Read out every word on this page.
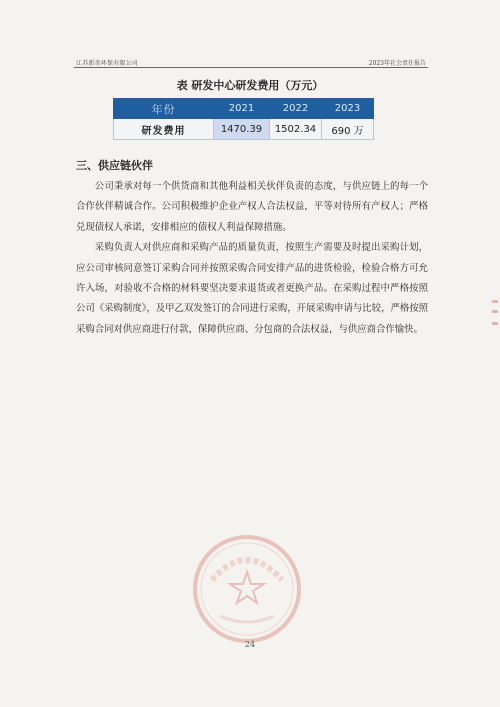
江苏新奇环保有限公司	2023年社会责任报告
表 研发中心研发费用（万元）
年份	2021	2022	2023
研发费用	1470.39	1502.34	690 万
三、供应链伙伴

公司秉承对每一个供货商和其他利益相关伙伴负责的态度，与供应链上的每一个合作伙伴精诚合作。公司积极维护企业产权人合法权益，平等对待所有产权人；严格兑现债权人承诺，安排相应的债权人利益保障措施。

采购负责人对供应商和采购产品的质量负责，按照生产需要及时提出采购计划，应公司审核同意签订采购合同并按照采购合同安排产品的进货检验，检验合格方可允许入场，对验收不合格的材料要坚决要求退货或者更换产品。在采购过程中严格按照公司《采购制度》，及甲乙双发签订的合同进行采购，开展采购申请与比较，严格按照采购合同对供应商进行付款，保障供应商、分包商的合法权益，与供应商合作愉快。

24
